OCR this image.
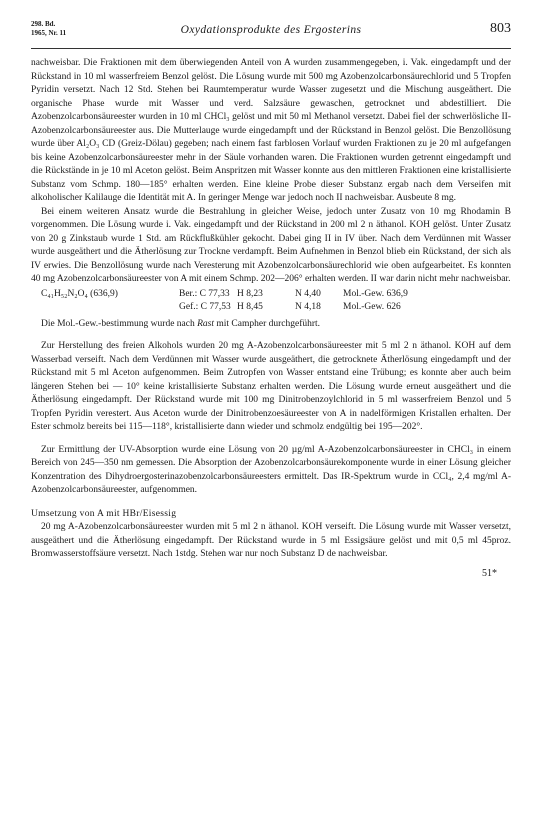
298. Bd.
1965, Nr. 11	Oxydationsprodukte des Ergosterins	803

nachweisbar. Die Fraktionen mit dem überwiegenden Anteil von A wurden zusammengegeben, i. Vak. eingedampft und der Rückstand in 10 ml wasserfreiem Benzol gelöst. Die Lösung wurde mit 500 mg Azobenzolcarbonsäurechlorid und 5 Tropfen Pyridin versetzt. Nach 12 Std. Stehen bei Raumtemperatur wurde Wasser zugesetzt und die Mischung ausgeäthert. Die organische Phase wurde mit Wasser und verd. Salzsäure gewaschen, getrocknet und abdestilliert. Die Azobenzolcarbonsäureester wurden in 10 ml CHCl₃ gelöst und mit 50 ml Methanol versetzt. Dabei fiel der schwerlösliche II-Azobenzolcarbonsäureester aus. Die Mutterlauge wurde eingedampft und der Rückstand in Benzol gelöst. Die Benzollösung wurde über Al₂O₃ CD (Greiz-Dölau) gegeben; nach einem fast farblosen Vorlauf wurden Fraktionen zu je 20 ml aufgefangen bis keine Azobenzolcarbonsäureester mehr in der Säule vorhanden waren. Die Fraktionen wurden getrennt eingedampft und die Rückstände in je 10 ml Aceton gelöst. Beim Anspritzen mit Wasser konnte aus den mittleren Fraktionen eine kristallisierte Substanz vom Schmp. 180—185° erhalten werden. Eine kleine Probe dieser Substanz ergab nach dem Verseifen mit alkoholischer Kalilauge die Identität mit A. In geringer Menge war jedoch noch II nachweisbar. Ausbeute 8 mg.

Bei einem weiteren Ansatz wurde die Bestrahlung in gleicher Weise, jedoch unter Zusatz von 10 mg Rhodamin B vorgenommen. Die Lösung wurde i. Vak. eingedampft und der Rückstand in 200 ml 2 n äthanol. KOH gelöst. Unter Zusatz von 20 g Zinkstaub wurde 1 Std. am Rückflußkühler gekocht. Dabei ging II in IV über. Nach dem Verdünnen mit Wasser wurde ausgeäthert und die Ätherlösung zur Trockne verdampft. Beim Aufnehmen in Benzol blieb ein Rückstand, der sich als IV erwies. Die Benzollösung wurde nach Veresterung mit Azobenzolcarbonsäurechlorid wie oben aufgearbeitet. Es konnten 40 mg Azobenzolcarbonsäureester von A mit einem Schmp. 202—206° erhalten werden. II war darin nicht mehr nachweisbar.

C₄₁H₅₂N₂O₄ (636,9)	Ber.: C 77,33 H 8,23	N 4,40	Mol.-Gew. 636,9
Gef.: C 77,53 H 8,45	N 4,18	Mol.-Gew. 626

Die Mol.-Gew.-bestimmung wurde nach Rast mit Campher durchgeführt.

Zur Herstellung des freien Alkohols wurden 20 mg A-Azobenzolcarbonsäureester mit 5 ml 2 n äthanol. KOH auf dem Wasserbad verseift. Nach dem Verdünnen mit Wasser wurde ausgeäthert, die getrocknete Ätherlösung eingedampft und der Rückstand mit 5 ml Aceton aufgenommen. Beim Zutropfen von Wasser entstand eine Trübung; es konnte aber auch beim längeren Stehen bei — 10° keine kristallisierte Substanz erhalten werden. Die Lösung wurde erneut ausgeäthert und die Ätherlösung eingedampft. Der Rückstand wurde mit 100 mg Dinitrobenzoylchlorid in 5 ml wasserfreiem Benzol und 5 Tropfen Pyridin verestert. Aus Aceton wurde der Dinitrobenzoesäureester von A in nadelförmigen Kristallen erhalten. Der Ester schmolz bereits bei 115—118°, kristallisierte dann wieder und schmolz endgültig bei 195—202°.

Zur Ermittlung der UV-Absorption wurde eine Lösung von 20 µg/ml A-Azobenzolcarbonsäureester in CHCl₃ in einem Bereich von 245—350 nm gemessen. Die Absorption der Azobenzolcarbonsäurekomponente wurde in einer Lösung gleicher Konzentration des Dihydroergosterinazobenzolcarbonsäureesters ermittelt. Das IR-Spektrum wurde in CCl₄, 2,4 mg/ml A-Azobenzolcarbonsäureester, aufgenommen.

Umsetzung von A mit HBr/Eisessig

20 mg A-Azobenzolcarbonsäureester wurden mit 5 ml 2 n äthanol. KOH verseift. Die Lösung wurde mit Wasser versetzt, ausgeäthert und die Ätherlösung eingedampft. Der Rückstand wurde in 5 ml Essigsäure gelöst und mit 0,5 ml 45proz. Bromwasserstoffsäure versetzt. Nach 1stdg. Stehen war nur noch Substanz D de nachweisbar.

51*
